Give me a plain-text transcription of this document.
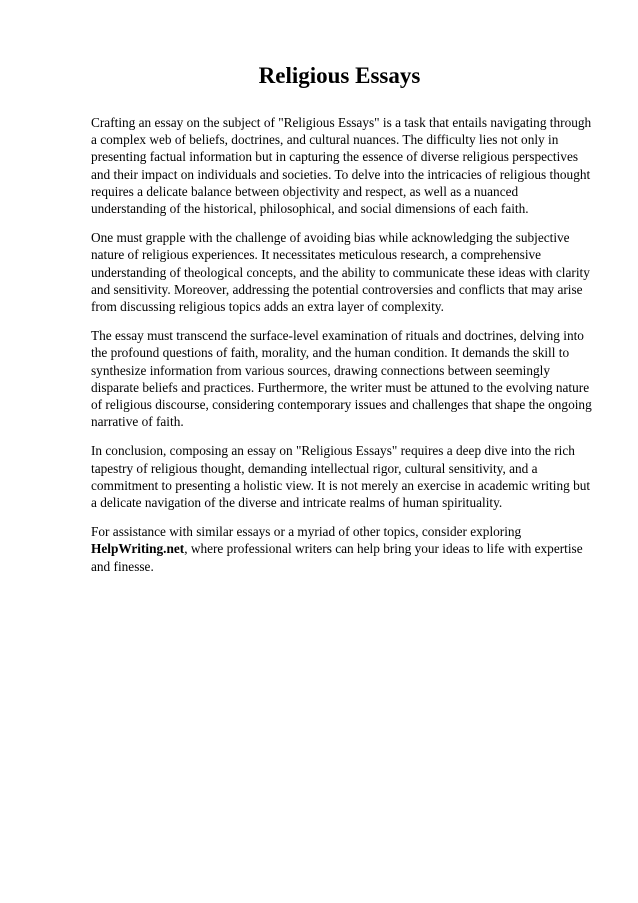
Religious Essays

Crafting an essay on the subject of "Religious Essays" is a task that entails navigating through a complex web of beliefs, doctrines, and cultural nuances. The difficulty lies not only in presenting factual information but in capturing the essence of diverse religious perspectives and their impact on individuals and societies. To delve into the intricacies of religious thought requires a delicate balance between objectivity and respect, as well as a nuanced understanding of the historical, philosophical, and social dimensions of each faith.

One must grapple with the challenge of avoiding bias while acknowledging the subjective nature of religious experiences. It necessitates meticulous research, a comprehensive understanding of theological concepts, and the ability to communicate these ideas with clarity and sensitivity. Moreover, addressing the potential controversies and conflicts that may arise from discussing religious topics adds an extra layer of complexity.

The essay must transcend the surface-level examination of rituals and doctrines, delving into the profound questions of faith, morality, and the human condition. It demands the skill to synthesize information from various sources, drawing connections between seemingly disparate beliefs and practices. Furthermore, the writer must be attuned to the evolving nature of religious discourse, considering contemporary issues and challenges that shape the ongoing narrative of faith.

In conclusion, composing an essay on "Religious Essays" requires a deep dive into the rich tapestry of religious thought, demanding intellectual rigor, cultural sensitivity, and a commitment to presenting a holistic view. It is not merely an exercise in academic writing but a delicate navigation of the diverse and intricate realms of human spirituality.

For assistance with similar essays or a myriad of other topics, consider exploring
HelpWriting.net, where professional writers can help bring your ideas to life with expertise and finesse.
